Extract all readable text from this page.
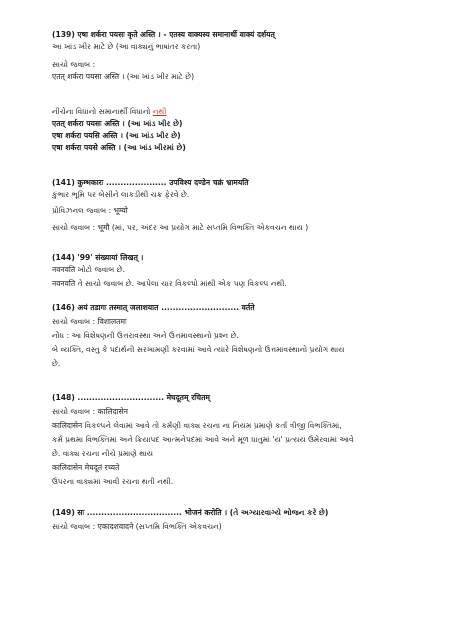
(139) एषा शर्करा पयसः कृते अस्ति । - एतस्य वाक्यस्य समानार्थी वाक्यं दर्शयत्
આ ખાંડ ખીર માટે છે (આ વાક્યનું ભાષાંતર કરતા)
સાચો જવાબ :
एतत् शर्करा पयसा अस्ति । (આ ખાંડ ખીર માટે છે)
નીચેના વિધાનો સમાનાર્થી વિધાનો નથી
एतत् शर्करा पयसः अस्ति । (આ ખાંડ ખીર છે)
एषा शर्करा पयसि अस्ति । (આ ખાંડ ખીર છે)
एषा शर्करा पयसे अस्ति । (આ ખાંડ ખીરમાં છે)
(141) कुम्भकारः ..................... उपविश्य दण्डेन चक्रं भ्रामयति
કુંભાર ભૂમિ પર બેસીને લાકડીથી ચક્ર ફેરવે છે.
પ્રોવિઝનલ જવાબ : भूम्यो
સાચો જવાબ : भूमौ (માં, પર, અંદર આ પ્રયોગ માટે સપ્તમિ વિભક્તિ એકવચન થાય )
(144) '99' संख्यायां लिखत् ।
नवनवति ખોટો જવાબ છે.
नवनवति તે સાચો જવાબ છે. આપેલા ચાર વિકલ્પો માંથી એક પણ વિકલ્પ નથી.
(146) अयं तडागः तस्मात् जलाशयात ........................... वर्तते
સાચો જવાબ : विशालतमः
નોંધ : આ વિશેષણની ઉત્તરાવસ્થા અને ઉત્તમાવસ્થાનો પ્રશ્ન છે.
બે વ્યક્તિ, વસ્તુ કે પદાર્થની સરખામણી કરવામાં આવે ત્યારે વિશેષણનો ઉત્તમાવસ્થાનો પ્રયોગ થાય
છે.
(148) .............................. मेघदूतम् रचितम्
સાચો જવાબ : कालिदासेन
कालिदासेन વિકલ્પને લેવામાં આવે તો કર્મણી વાક્ય રચના ના નિયમ પ્રમાણે કર્તા ત્રીજી વિભક્તિમાં,
કર્મ પ્રથમા વિભક્તિમાં અને ક્રિયાપદ આત્મનેપદમાં આવે અને મૂળ ધાતુમાં 'ય' પ્રત્યય ઉમેરવામાં આવે
છે. વાક્ય રચના નીચે પ્રમાણે થાય
कालिदासेन मेघदूतं रच्यते
ઉપરના વાક્યમાં આવી રચના થતી નથી.
(149) सः ................................. भोजनं करोति । (તે અગ્યારવાગ્યે ભોજન કરે છે)
સાચો જવાબ : एकादशवादने (સપ્તમિ વિભક્તિ એકવચન)
